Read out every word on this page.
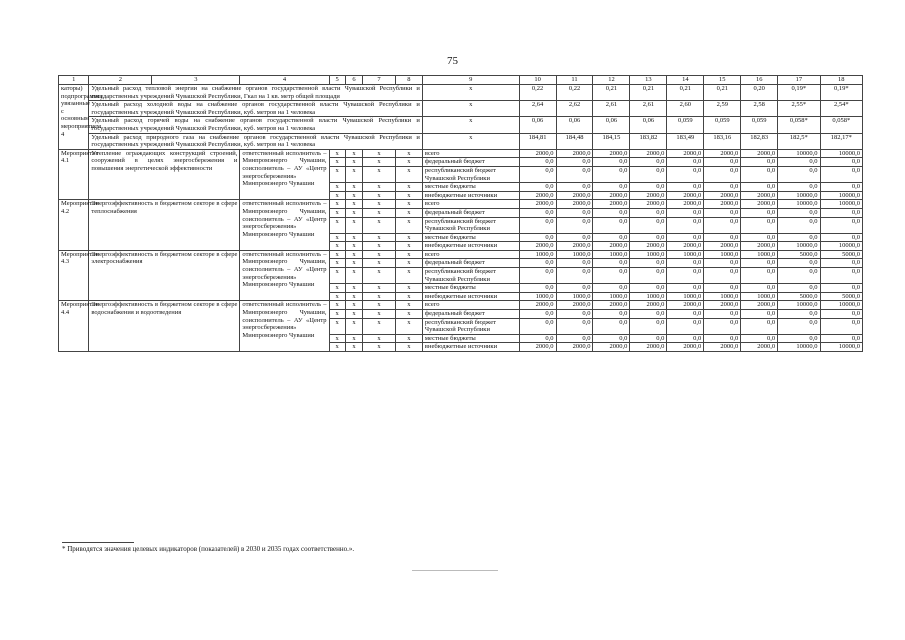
75
1	2	3	4	5	6	7	8	9	10	11	12	13	14	15	16	17	18
каторы) подпрограммы, увязанные с основным мероприятием 4	Удельный расход тепловой энергии на снабжение органов государственной власти Чувашской Республики и государственных учреждений Чувашской Республики, Гкал на 1 кв. метр общей площади							x	0,22	0,22	0,21	0,21	0,21	0,21	0,20	0,19*	0,19*
	Удельный расход холодной воды на снабжение органов государственной власти Чувашской Республики и государственных учреждений Чувашской Республики, куб. метров на 1 человека							x	2,64	2,62	2,61	2,61	2,60	2,59	2,58	2,55*	2,54*
	Удельный расход горячей воды на снабжение органов государственной власти Чувашской Республики и государственных учреждений Чувашской Республики, куб. метров на 1 человека							x	0,06	0,06	0,06	0,06	0,059	0,059	0,059	0,058*	0,058*
	Удельный расход природного газа на снабжение органов государственной власти Чувашской Республики и государственных учреждений Чувашской Республики, куб. метров на 1 человека							x	184,81	184,48	184,15	183,82	183,49	183,16	182,83	182,5*	182,17*
Мероприятие 4.1	Утепление ограждающих конструкций строений, сооружений в целях энергосбережения и повышения энергетической эффективности		ответственный исполнитель – Минпромэнерго Чувашии, соисполнитель – АУ «Центр энергосбережения» Минпромэнерго Чувашии	x	x	x	x	всего	2000,0	2000,0	2000,0	2000,0	2000,0	2000,0	2000,0	10000,0	10000,0
				x	x	x	x	федеральный бюджет	0,0	0,0	0,0	0,0	0,0	0,0	0,0	0,0	0,0
				x	x	x	x	республиканский бюджет Чувашской Республики	0,0	0,0	0,0	0,0	0,0	0,0	0,0	0,0	0,0
				x	x	x	x	местные бюджеты	0,0	0,0	0,0	0,0	0,0	0,0	0,0	0,0	0,0
				x	x	x	x	внебюджетные источники	2000,0	2000,0	2000,0	2000,0	2000,0	2000,0	2000,0	10000,0	10000,0
Мероприятие 4.2	Энергоэффективность в бюджетном секторе в сфере теплоснабжения		ответственный исполнитель – Минпромэнерго Чувашии, соисполнитель – АУ «Центр энергосбережения» Минпромэнерго Чувашии	x	x	x	x	всего	2000,0	2000,0	2000,0	2000,0	2000,0	2000,0	2000,0	10000,0	10000,0
				x	x	x	x	федеральный бюджет	0,0	0,0	0,0	0,0	0,0	0,0	0,0	0,0	0,0
				x	x	x	x	республиканский бюджет Чувашской Республики	0,0	0,0	0,0	0,0	0,0	0,0	0,0	0,0	0,0
				x	x	x	x	местные бюджеты	0,0	0,0	0,0	0,0	0,0	0,0	0,0	0,0	0,0
				x	x	x	x	внебюджетные источники	2000,0	2000,0	2000,0	2000,0	2000,0	2000,0	2000,0	10000,0	10000,0
Мероприятие 4.3	Энергоэффективность в бюджетном секторе в сфере электроснабжения		ответственный исполнитель – Минпромэнерго Чувашии, соисполнитель – АУ «Центр энергосбережения» Минпромэнерго Чувашии	x	x	x	x	всего	1000,0	1000,0	1000,0	1000,0	1000,0	1000,0	1000,0	5000,0	5000,0
				x	x	x	x	федеральный бюджет	0,0	0,0	0,0	0,0	0,0	0,0	0,0	0,0	0,0
				x	x	x	x	республиканский бюджет Чувашской Республики	0,0	0,0	0,0	0,0	0,0	0,0	0,0	0,0	0,0
				x	x	x	x	местные бюджеты	0,0	0,0	0,0	0,0	0,0	0,0	0,0	0,0	0,0
				x	x	x	x	внебюджетные источники	1000,0	1000,0	1000,0	1000,0	1000,0	1000,0	1000,0	5000,0	5000,0
Мероприятие 4.4	Энергоэффективность в бюджетном секторе в сфере водоснабжения и водоотведения		ответственный исполнитель – Минпромэнерго Чувашии, соисполнитель – АУ «Центр энергосбережения» Минпромэнерго Чувашии	x	x	x	x	всего	2000,0	2000,0	2000,0	2000,0	2000,0	2000,0	2000,0	10000,0	10000,0
				x	x	x	x	федеральный бюджет	0,0	0,0	0,0	0,0	0,0	0,0	0,0	0,0	0,0
				x	x	x	x	республиканский бюджет Чувашской Республики	0,0	0,0	0,0	0,0	0,0	0,0	0,0	0,0	0,0
				x	x	x	x	местные бюджеты	0,0	0,0	0,0	0,0	0,0	0,0	0,0	0,0	0,0
				x	x	x	x	внебюджетные источники	2000,0	2000,0	2000,0	2000,0	2000,0	2000,0	2000,0	10000,0	10000,0
* Приводятся значения целевых индикаторов (показателей) в 2030 и 2035 годах соответственно.».
